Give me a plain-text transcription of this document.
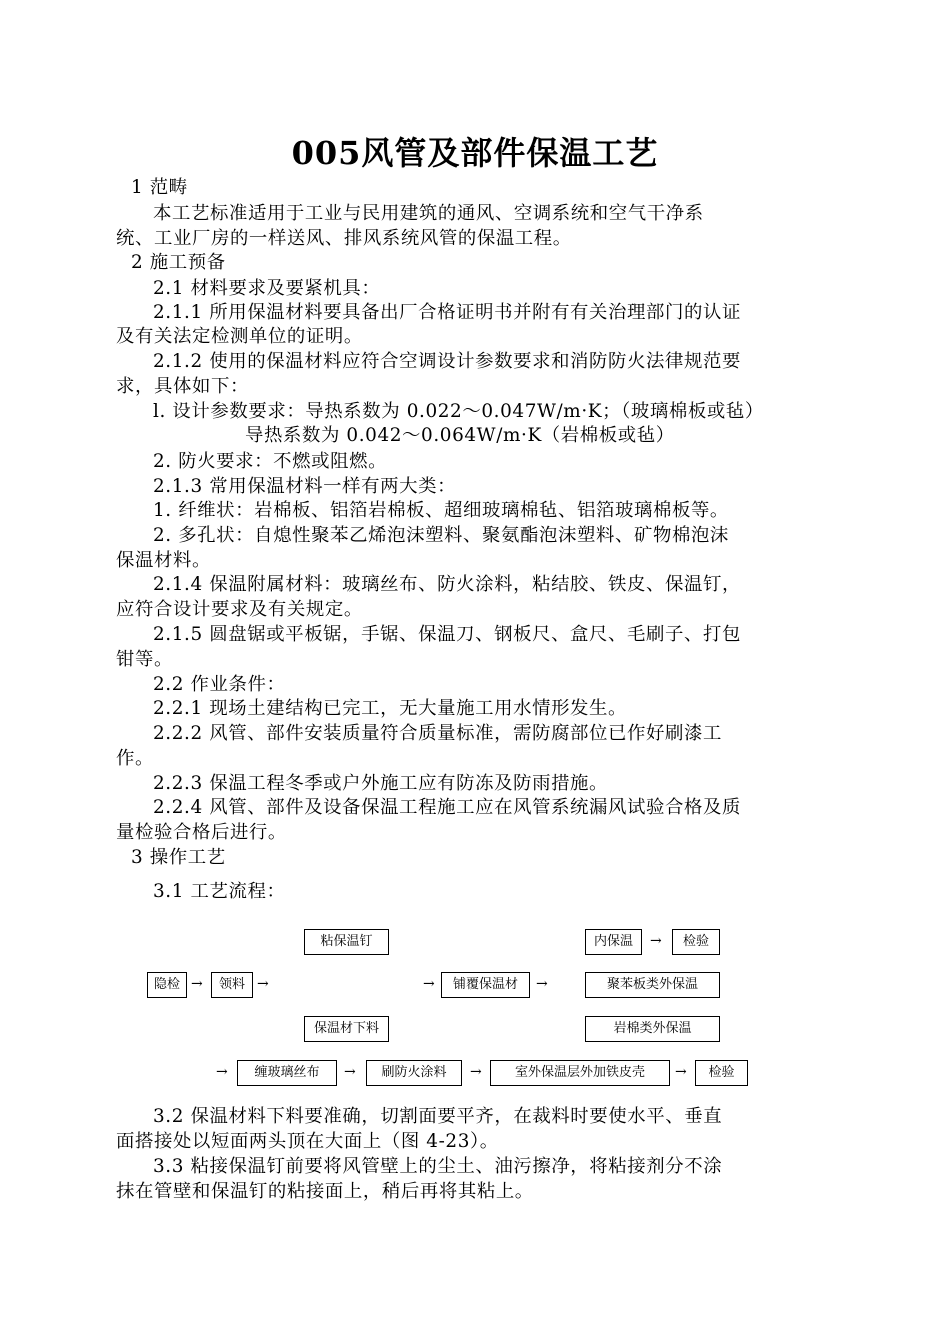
005风管及部件保温工艺
1 范畴
本工艺标准适用于工业与民用建筑的通风、空调系统和空气干净系
统、工业厂房的一样送风、排风系统风管的保温工程。
2 施工预备
2.1 材料要求及要紧机具：
2.1.1 所用保温材料要具备出厂合格证明书并附有有关治理部门的认证
及有关法定检测单位的证明。
2.1.2 使用的保温材料应符合空调设计参数要求和消防防火法律规范要
求，具体如下：
l. 设计参数要求：导热系数为 0.022～0.047W/m·K；（玻璃棉板或毡）
导热系数为 0.042～0.064W/m·K（岩棉板或毡）
2. 防火要求：不燃或阻燃。
2.1.3 常用保温材料一样有两大类：
1. 纤维状：岩棉板、铝箔岩棉板、超细玻璃棉毡、铝箔玻璃棉板等。
2. 多孔状：自熄性聚苯乙烯泡沫塑料、聚氨酯泡沫塑料、矿物棉泡沫
保温材料。
2.1.4 保温附属材料：玻璃丝布、防火涂料，粘结胶、铁皮、保温钉，
应符合设计要求及有关规定。
2.1.5 圆盘锯或平板锯，手锯、保温刀、钢板尺、盒尺、毛刷子、打包
钳等。
2.2 作业条件：
2.2.1 现场土建结构已完工，无大量施工用水情形发生。
2.2.2 风管、部件安装质量符合质量标准，需防腐部位已作好刷漆工
作。
2.2.3 保温工程冬季或户外施工应有防冻及防雨措施。
2.2.4 风管、部件及设备保温工程施工应在风管系统漏风试验合格及质
量检验合格后进行。
3 操作工艺
3.1 工艺流程：
粘保温钉	内保温	→	检验
隐检 →	领料 →	→	铺覆保温材	→	聚苯板类外保温
保温材下料	岩棉类外保温
→	缠玻璃丝布	→	刷防火涂料	→	室外保温层外加铁皮壳	→	检验
3.2 保温材料下料要准确，切割面要平齐，在裁料时要使水平、垂直
面搭接处以短面两头顶在大面上（图 4-23）。
3.3 粘接保温钉前要将风管壁上的尘土、油污擦净，将粘接剂分不涂
抹在管壁和保温钉的粘接面上，稍后再将其粘上。
